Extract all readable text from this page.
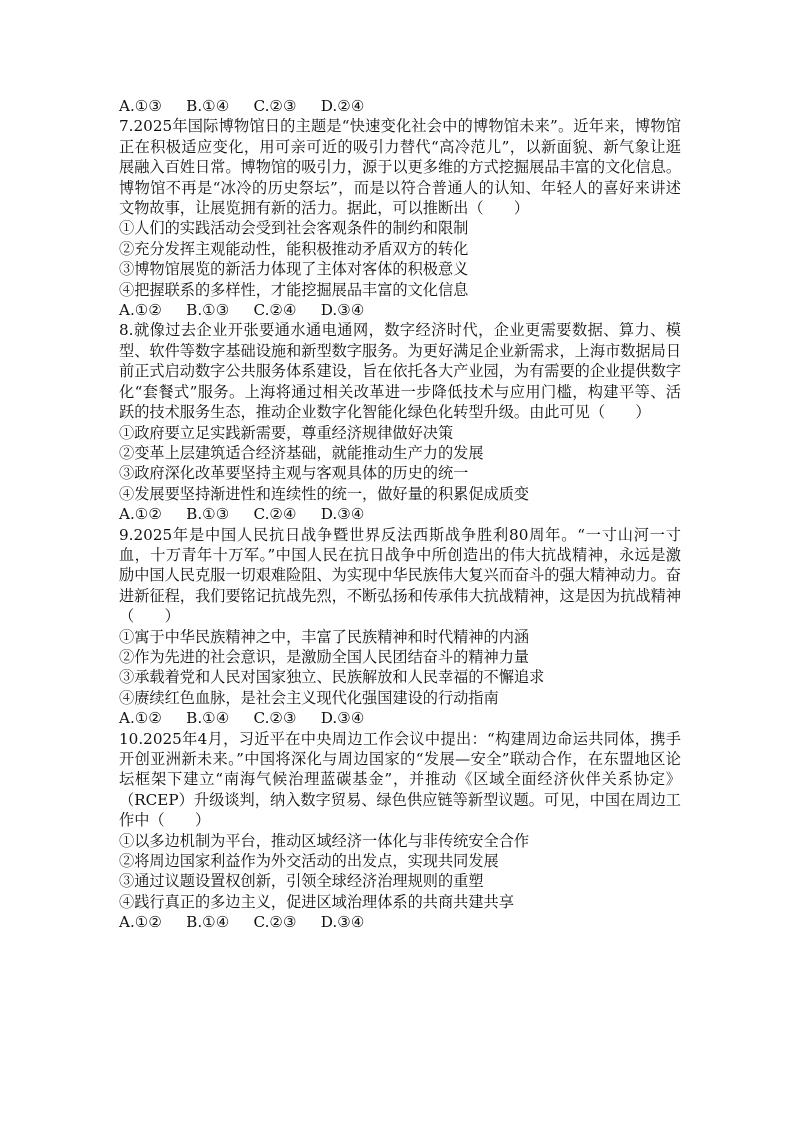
A.①③     B.①④     C.②③     D.②④
7.2025年国际博物馆日的主题是“快速变化社会中的博物馆未来”。近年来，博物馆正在积极适应变化，用可亲可近的吸引力替代“高冷范儿”，以新面貌、新气象让逛展融入百姓日常。博物馆的吸引力，源于以更多维的方式挖掘展品丰富的文化信息。博物馆不再是“冰冷的历史祭坛”，而是以符合普通人的认知、年轻人的喜好来讲述文物故事，让展览拥有新的活力。据此，可以推断出（　　）
①人们的实践活动会受到社会客观条件的制约和限制
②充分发挥主观能动性，能积极推动矛盾双方的转化
③博物馆展览的新活力体现了主体对客体的积极意义
④把握联系的多样性，才能挖掘展品丰富的文化信息
A.①②     B.①③     C.②④     D.③④
8.就像过去企业开张要通水通电通网，数字经济时代，企业更需要数据、算力、模型、软件等数字基础设施和新型数字服务。为更好满足企业新需求，上海市数据局日前正式启动数字公共服务体系建设，旨在依托各大产业园，为有需要的企业提供数字化“套餐式”服务。上海将通过相关改革进一步降低技术与应用门槛，构建平等、活跃的技术服务生态，推动企业数字化智能化绿色化转型升级。由此可见（　　）
①政府要立足实践新需要，尊重经济规律做好决策
②变革上层建筑适合经济基础，就能推动生产力的发展
③政府深化改革要坚持主观与客观具体的历史的统一
④发展要坚持渐进性和连续性的统一，做好量的积累促成质变
A.①②     B.①③     C.②④     D.③④
9.2025年是中国人民抗日战争暨世界反法西斯战争胜利80周年。“一寸山河一寸血，十万青年十万军。”中国人民在抗日战争中所创造出的伟大抗战精神，永远是激励中国人民克服一切艰难险阻、为实现中华民族伟大复兴而奋斗的强大精神动力。奋进新征程，我们要铭记抗战先烈，不断弘扬和传承伟大抗战精神，这是因为抗战精神（　　）
①寓于中华民族精神之中，丰富了民族精神和时代精神的内涵
②作为先进的社会意识，是激励全国人民团结奋斗的精神力量
③承载着党和人民对国家独立、民族解放和人民幸福的不懈追求
④赓续红色血脉，是社会主义现代化强国建设的行动指南
A.①②     B.①④     C.②③     D.③④
10.2025年4月，习近平在中央周边工作会议中提出：“构建周边命运共同体，携手开创亚洲新未来。”中国将深化与周边国家的“发展—安全”联动合作，在东盟地区论坛框架下建立“南海气候治理蓝碳基金”，并推动《区域全面经济伙伴关系协定》（RCEP）升级谈判，纳入数字贸易、绿色供应链等新型议题。可见，中国在周边工作中（　　）
①以多边机制为平台，推动区域经济一体化与非传统安全合作
②将周边国家利益作为外交活动的出发点，实现共同发展
③通过议题设置权创新，引领全球经济治理规则的重塑
④践行真正的多边主义，促进区域治理体系的共商共建共享
A.①②     B.①④     C.②③     D.③④
